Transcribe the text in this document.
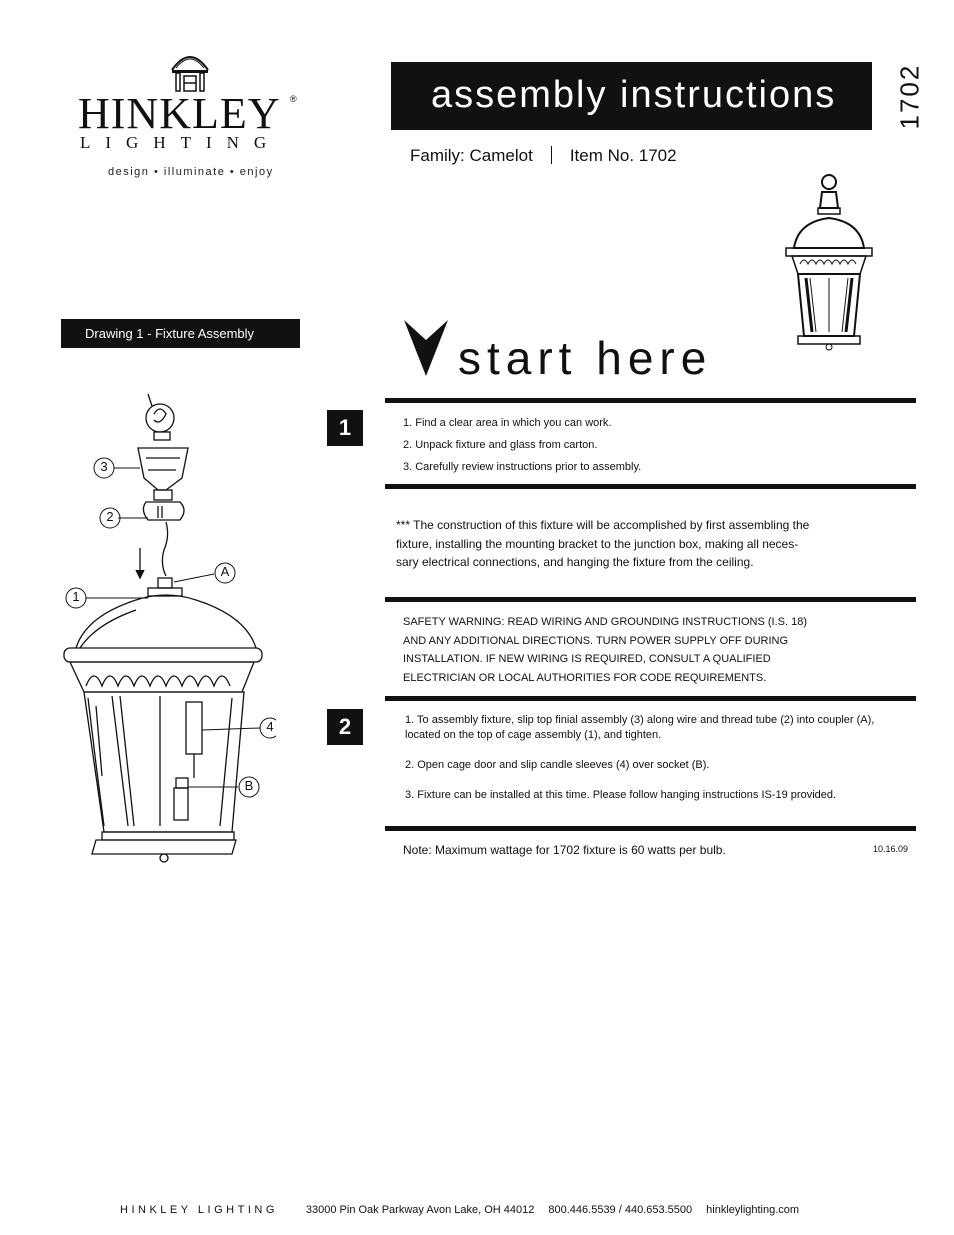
HINKLEY ®
LIGHTING
design • illuminate • enjoy
assembly instructions 1702
Family: Camelot Item No. 1702
Drawing 1 - Fixture Assembly
3
2
A
1
4
B
start here
1	1. Find a clear area in which you can work.
2. Unpack fixture and glass from carton.
3. Carefully review instructions prior to assembly.
*** The construction of this fixture will be accomplished by first assembling the
fixture, installing the mounting bracket to the junction box, making all neces-
sary electrical connections, and hanging the fixture from the ceiling.
SAFETY WARNING: READ WIRING AND GROUNDING INSTRUCTIONS (I.S. 18)
AND ANY ADDITIONAL DIRECTIONS. TURN POWER SUPPLY OFF DURING
INSTALLATION. IF NEW WIRING IS REQUIRED, CONSULT A QUALIFIED
ELECTRICIAN OR LOCAL AUTHORITIES FOR CODE REQUIREMENTS.
2	1. To assembly fixture, slip top finial assembly (3) along wire and thread tube (2) into coupler (A),
located on the top of cage assembly (1), and tighten.
2. Open cage door and slip candle sleeves (4) over socket (B).
3. Fixture can be installed at this time. Please follow hanging instructions IS-19 provided.
Note: Maximum wattage for 1702 fixture is 60 watts per bulb.	10.16.09
HINKLEY LIGHTING	33000 Pin Oak Parkway Avon Lake, OH 44012 800.446.5539 / 440.653.5500 hinkleylighting.com
